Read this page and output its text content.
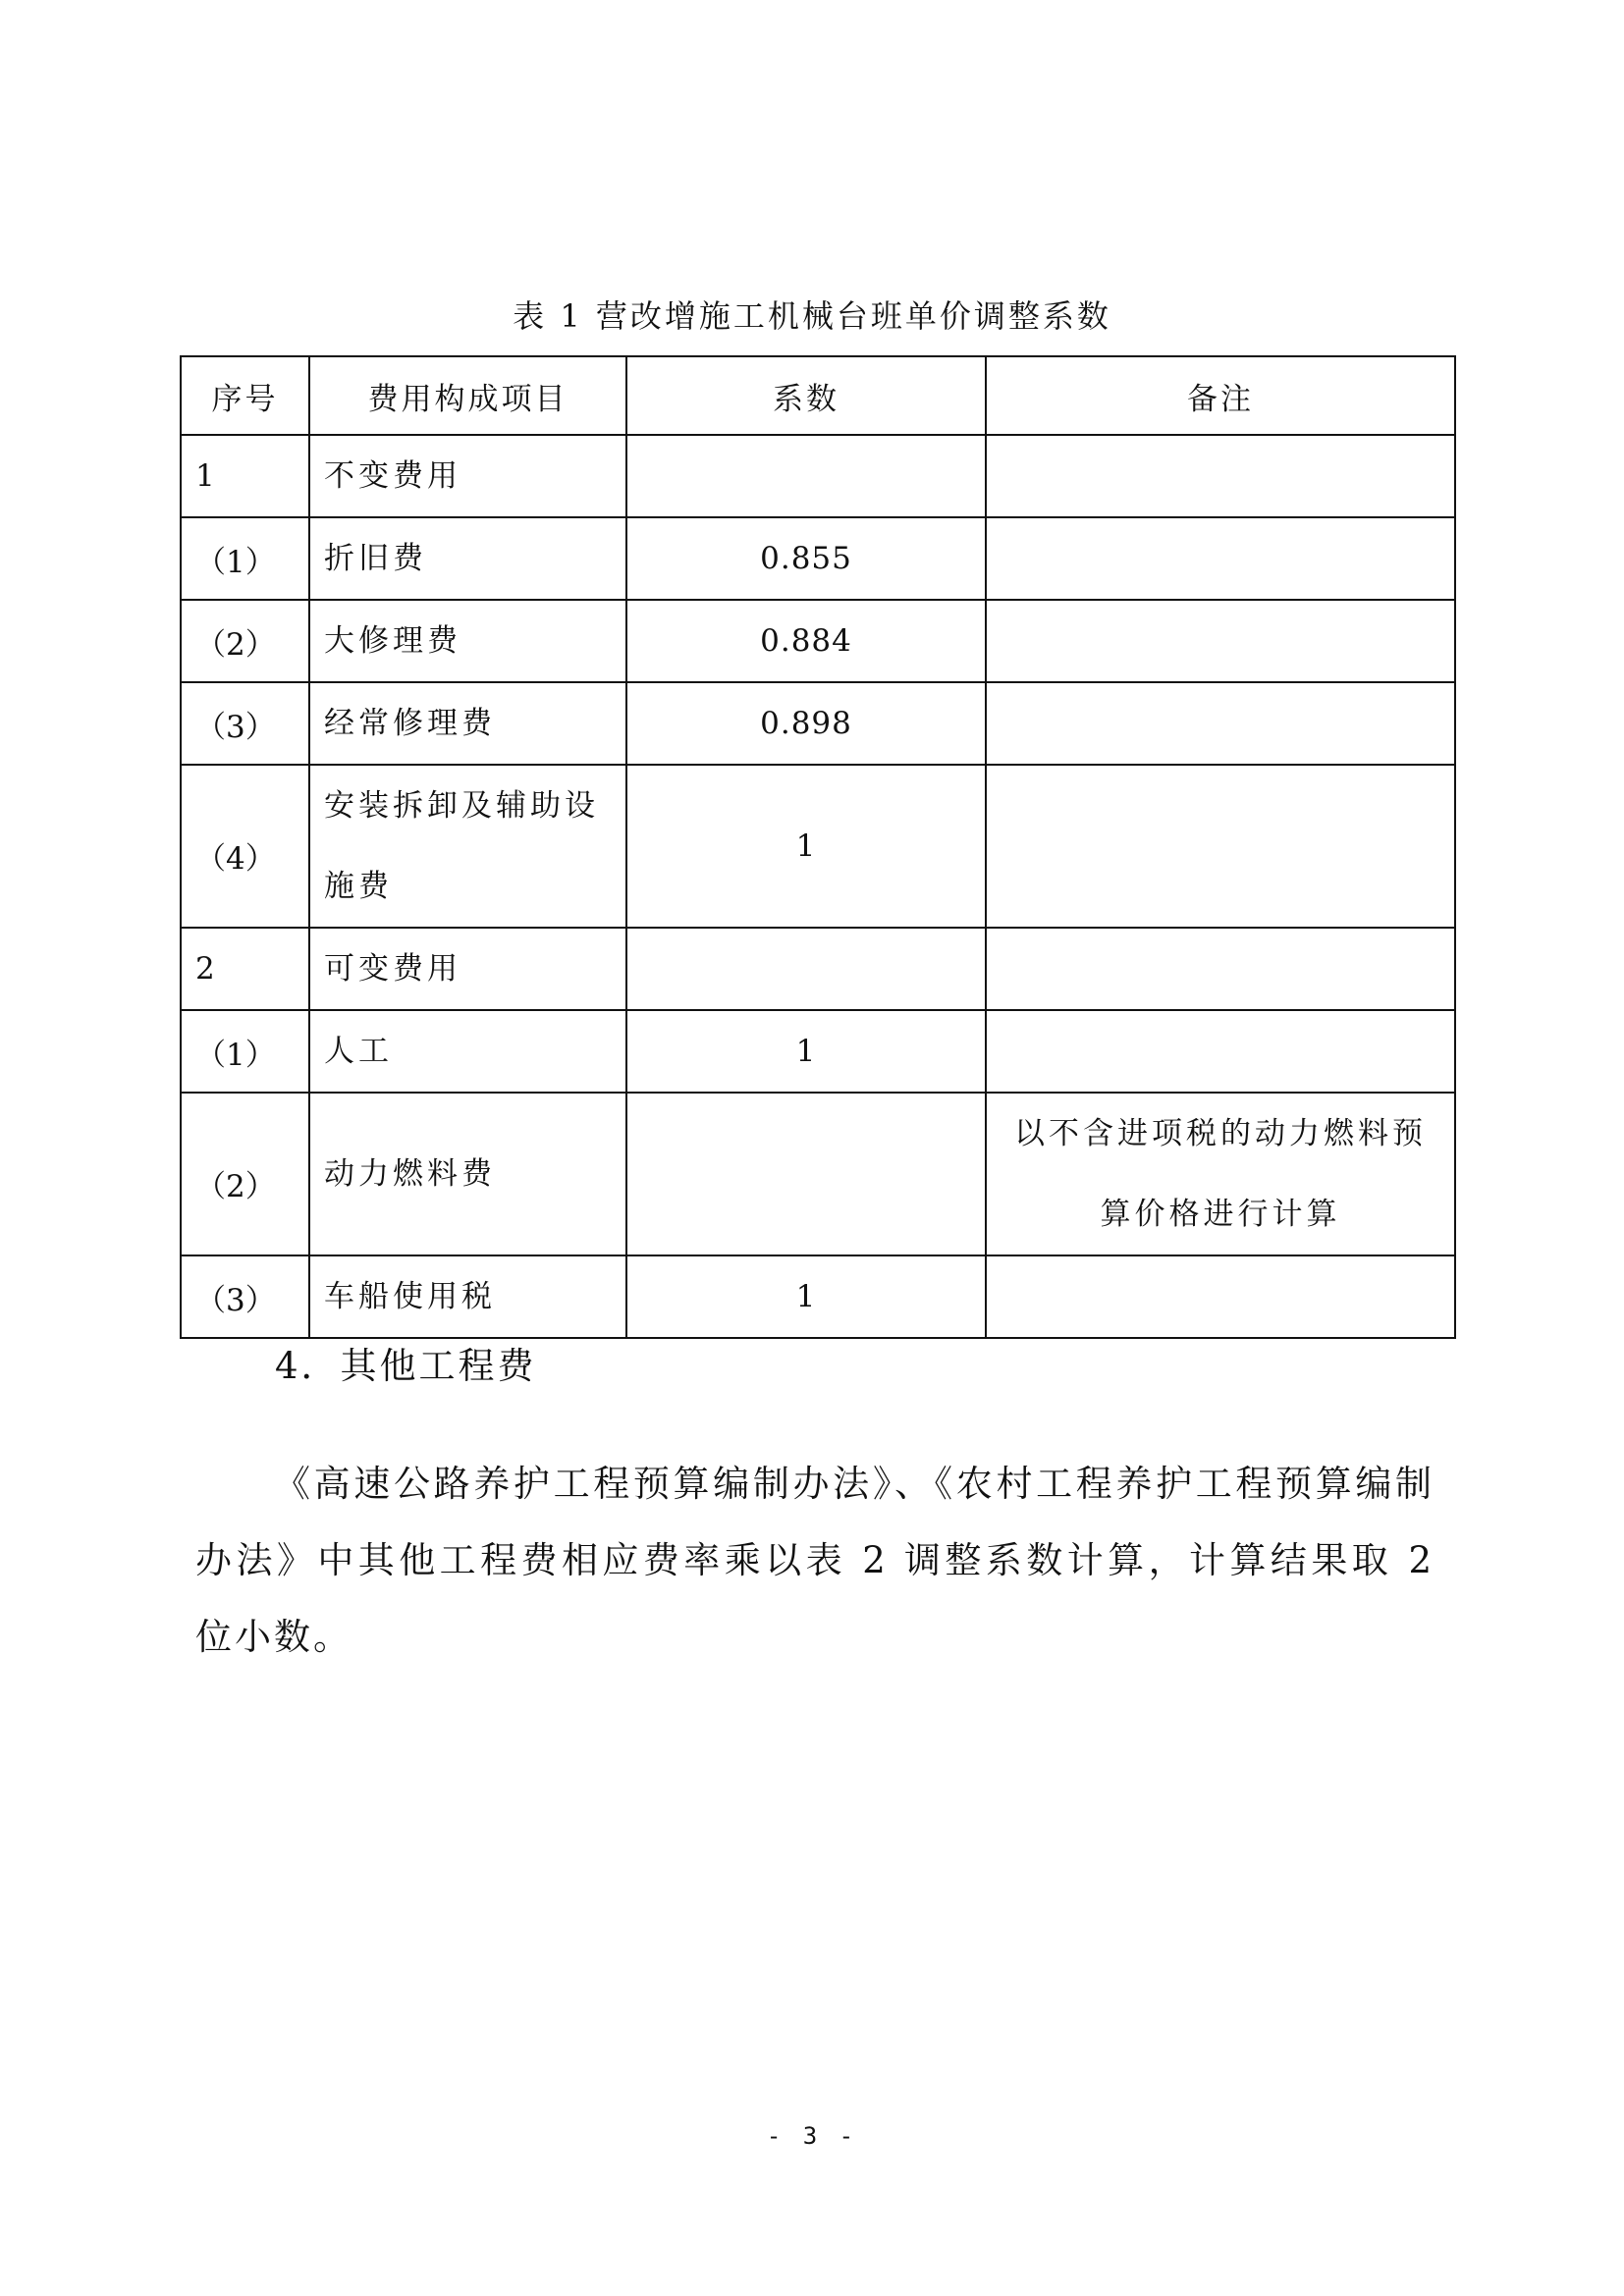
表 1 营改增施工机械台班单价调整系数
序号	费用构成项目	系数	备注
1	不变费用		
（1）	折旧费	0.855	
（2）	大修理费	0.884	
（3）	经常修理费	0.898	
（4）	安装拆卸及辅助设施费	1	
2	可变费用		
（1）	人工	1	
（2）	动力燃料费		以不含进项税的动力燃料预算价格进行计算
（3）	车船使用税	1	
4．其他工程费

《高速公路养护工程预算编制办法》、《农村工程养护工程预算编制办法》中其他工程费相应费率乘以表 2 调整系数计算，计算结果取 2 位小数。

- 3 -
